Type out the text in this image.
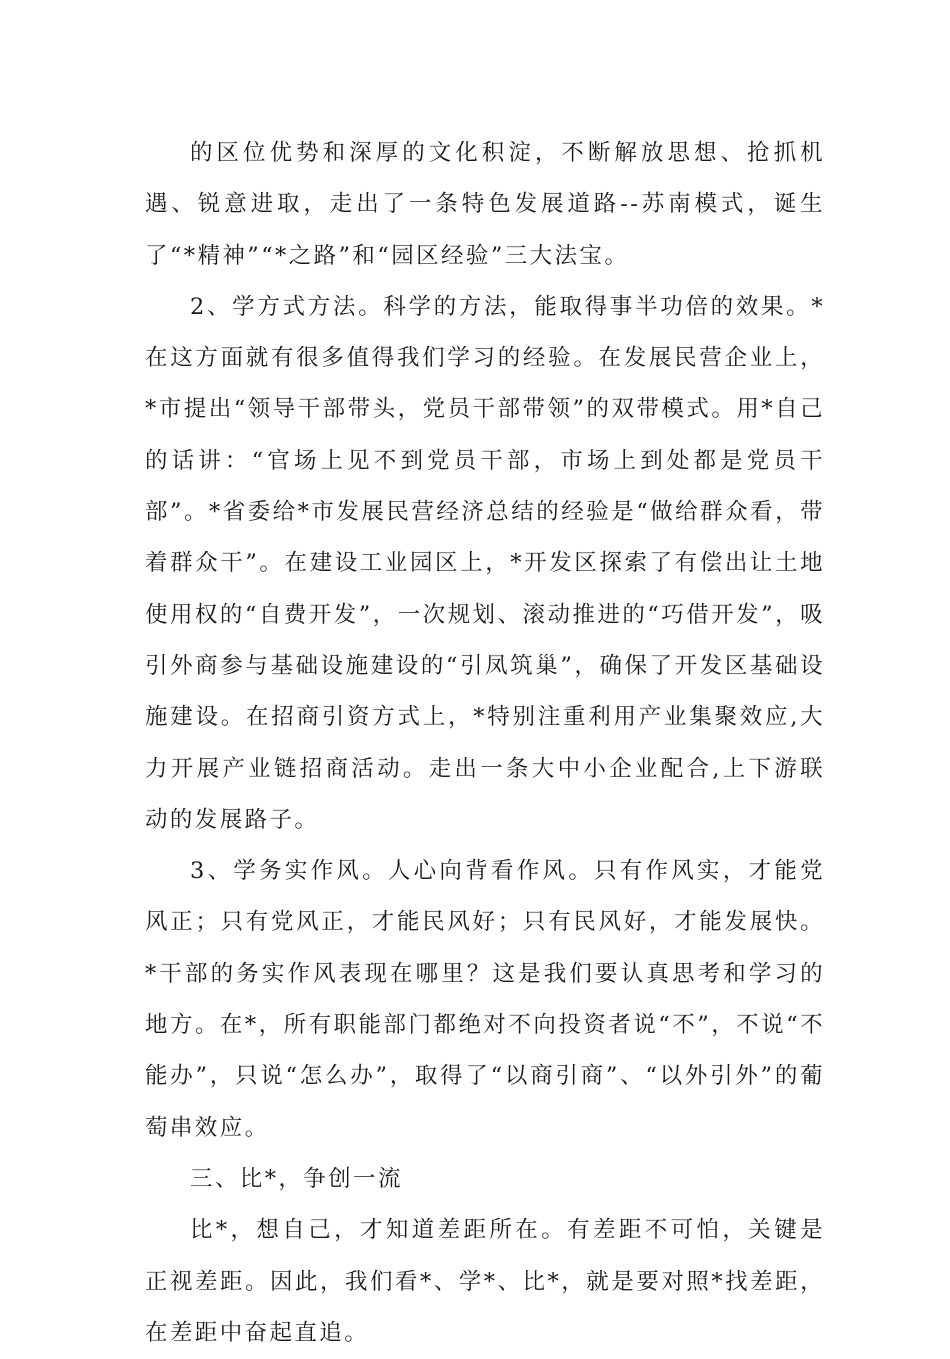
的区位优势和深厚的文化积淀，不断解放思想、抢抓机遇、锐意进取，走出了一条特色发展道路--苏南模式，诞生了“*精神”“*之路”和“园区经验”三大法宝。

2、学方式方法。科学的方法，能取得事半功倍的效果。*在这方面就有很多值得我们学习的经验。在发展民营企业上，*市提出“领导干部带头，党员干部带领”的双带模式。用*自己的话讲：“官场上见不到党员干部，市场上到处都是党员干部”。*省委给*市发展民营经济总结的经验是“做给群众看，带着群众干”。在建设工业园区上，*开发区探索了有偿出让土地使用权的“自费开发”，一次规划、滚动推进的“巧借开发”，吸引外商参与基础设施建设的“引凤筑巢”，确保了开发区基础设施建设。在招商引资方式上，*特别注重利用产业集聚效应,大力开展产业链招商活动。走出一条大中小企业配合,上下游联动的发展路子。

3、学务实作风。人心向背看作风。只有作风实，才能党风正；只有党风正，才能民风好；只有民风好，才能发展快。*干部的务实作风表现在哪里？这是我们要认真思考和学习的地方。在*，所有职能部门都绝对不向投资者说“不”，不说“不能办”，只说“怎么办”，取得了“以商引商”、“以外引外”的葡萄串效应。

三、比*，争创一流

比*，想自己，才知道差距所在。有差距不可怕，关键是正视差距。因此，我们看*、学*、比*，就是要对照*找差距，在差距中奋起直追。
